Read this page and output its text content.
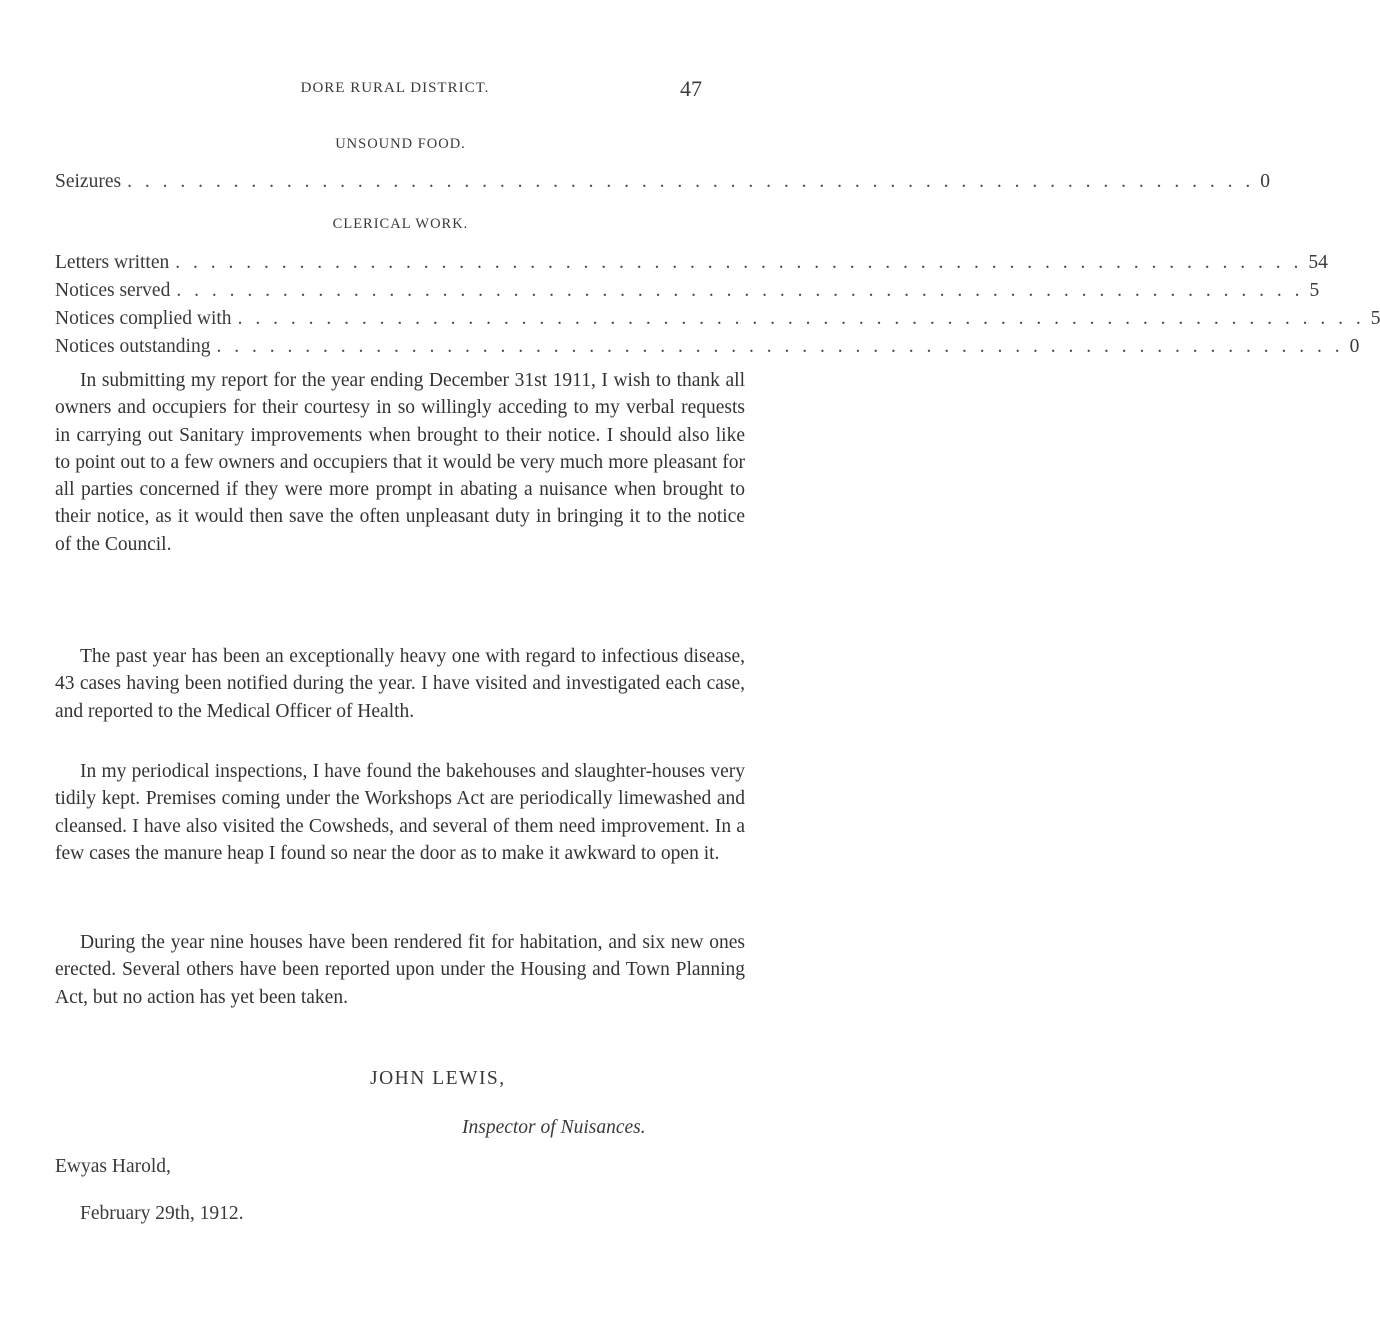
DORE RURAL DISTRICT.	47
UNSOUND FOOD.
Seizures . . . . . . . . . . . . . . . . . . . . . . . . . . . . . . . . . . . . . . . . . . . . . . . . . . . . . . . . . . . . . . . . 0
CLERICAL WORK.
Letters written . . . . . . . . . . . . . . . . . . . . . . . . . . . . . . . . . . . . . . . . . . . . . . . . . . . . . . . . . . . . . . . . 54
Notices served . . . . . . . . . . . . . . . . . . . . . . . . . . . . . . . . . . . . . . . . . . . . . . . . . . . . . . . . . . . . . . . . 5
Notices complied with . . . . . . . . . . . . . . . . . . . . . . . . . . . . . . . . . . . . . . . . . . . . . . . . . . . . . . . . . . . . . . . . 5
Notices outstanding . . . . . . . . . . . . . . . . . . . . . . . . . . . . . . . . . . . . . . . . . . . . . . . . . . . . . . . . . . . . . . . . 0
In submitting my report for the year ending December 31st 1911, I wish to thank all owners and occupiers for their courtesy in so willingly acceding to my verbal requests in carrying out Sanitary improvements when brought to their notice. I should also like to point out to a few owners and occupiers that it would be very much more pleasant for all parties concerned if they were more prompt in abating a nuisance when brought to their notice, as it would then save the often unpleasant duty in bringing it to the notice of the Council.
The past year has been an exceptionally heavy one with regard to infectious disease, 43 cases having been notified during the year. I have visited and investigated each case, and reported to the Medical Officer of Health.
In my periodical inspections, I have found the bakehouses and slaughter-houses very tidily kept. Premises coming under the Workshops Act are periodically limewashed and cleansed. I have also visited the Cowsheds, and several of them need improvement. In a few cases the manure heap I found so near the door as to make it awkward to open it.
During the year nine houses have been rendered fit for habitation, and six new ones erected. Several others have been reported upon under the Housing and Town Planning Act, but no action has yet been taken.
JOHN LEWIS,
Inspector of Nuisances.
Ewyas Harold,
February 29th, 1912.
